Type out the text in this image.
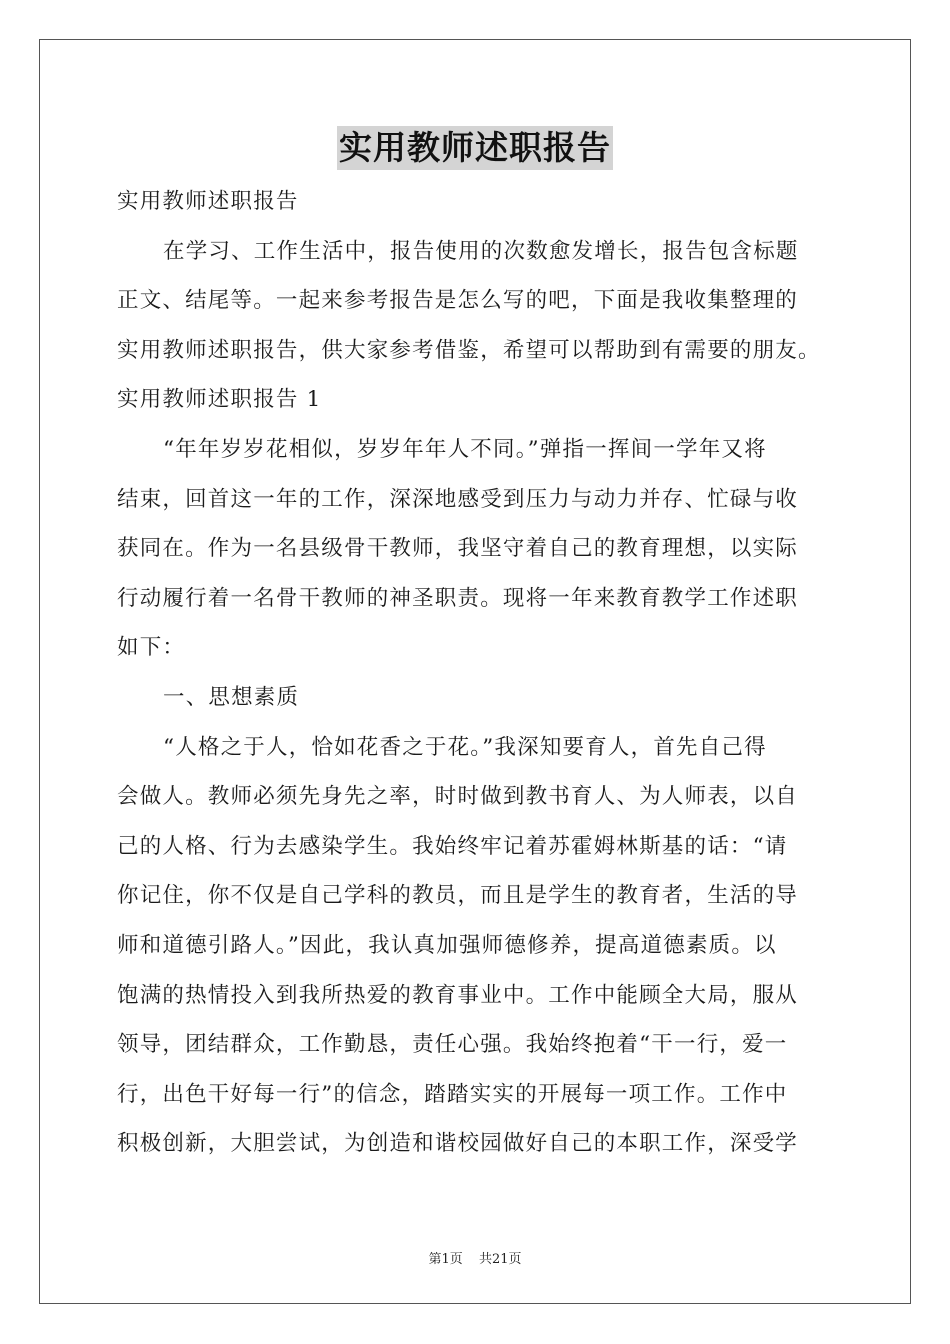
实用教师述职报告
实用教师述职报告
在学习、工作生活中，报告使用的次数愈发增长，报告包含标题
正文、结尾等。一起来参考报告是怎么写的吧，下面是我收集整理的
实用教师述职报告，供大家参考借鉴，希望可以帮助到有需要的朋友。
实用教师述职报告 1
“年年岁岁花相似，岁岁年年人不同。”弹指一挥间一学年又将
结束，回首这一年的工作，深深地感受到压力与动力并存、忙碌与收
获同在。作为一名县级骨干教师，我坚守着自己的教育理想，以实际
行动履行着一名骨干教师的神圣职责。现将一年来教育教学工作述职
如下：
一、思想素质
“人格之于人，恰如花香之于花。”我深知要育人，首先自己得
会做人。教师必须先身先之率，时时做到教书育人、为人师表，以自
己的人格、行为去感染学生。我始终牢记着苏霍姆林斯基的话：“请
你记住，你不仅是自己学科的教员，而且是学生的教育者，生活的导
师和道德引路人。”因此，我认真加强师德修养，提高道德素质。以
饱满的热情投入到我所热爱的教育事业中。工作中能顾全大局，服从
领导，团结群众，工作勤恳，责任心强。我始终抱着“干一行，爱一
行，出色干好每一行”的信念，踏踏实实的开展每一项工作。工作中
积极创新，大胆尝试，为创造和谐校园做好自己的本职工作，深受学
第1页 共21页
